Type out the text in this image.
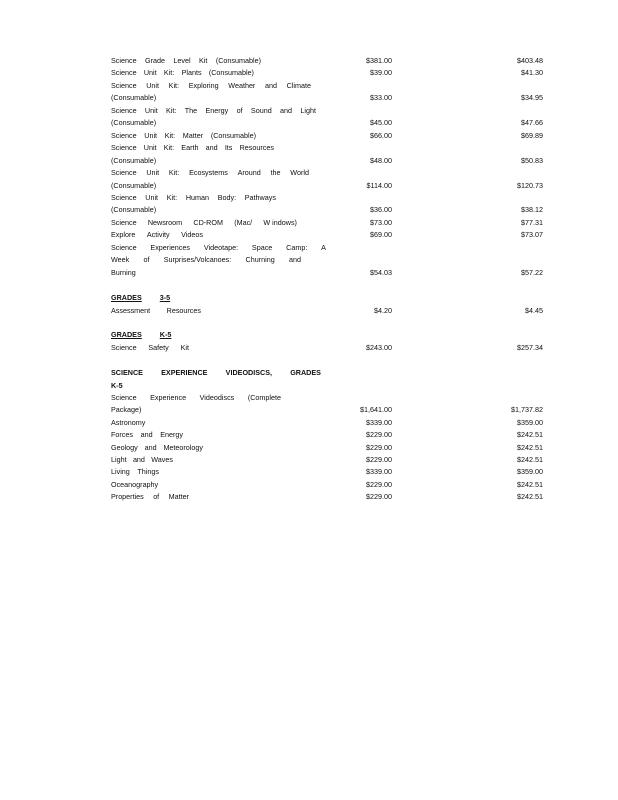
Science Grade Level Kit (Consumable)	$381.00	$403.48
Science Unit Kit: Plants (Consumable)	$39.00	$41.30
Science Unit Kit: Exploring Weather and Climate
(Consumable)	$33.00	$34.95
Science Unit Kit: The Energy of Sound and Light
(Consumable)	$45.00	$47.66
Science Unit Kit: Matter (Consumable)	$66.00	$69.89
Science Unit Kit: Earth and Its Resources
(Consumable)	$48.00	$50.83
Science Unit Kit: Ecosystems Around the World
(Consumable)	$114.00	$120.73
Science Unit Kit: Human Body: Pathways
(Consumable)	$36.00	$38.12
Science Newsroom CD-ROM (Mac/ W indows)	$73.00	$77.31
Explore Activity Videos	$69.00	$73.07
Science Experiences Videotape: Space Camp: A
Week of Surprises/Volcanoes: Churning and
Burning	$54.03	$57.22
GRADES	3-5
Assessment Resources	$4.20	$4.45
GRADES	K-5
Science Safety Kit	$243.00	$257.34
SCIENCE	EXPERIENCE	VIDEODISCS,	GRADES
K-5
Science Experience Videodiscs (Complete
Package)	$1,641.00	$1,737.82
Astronomy	$339.00	$359.00
Forces and Energy	$229.00	$242.51
Geology and Meteorology	$229.00	$242.51
Light and Waves	$229.00	$242.51
Living Things	$339.00	$359.00
Oceanography	$229.00	$242.51
Properties of Matter	$229.00	$242.51
